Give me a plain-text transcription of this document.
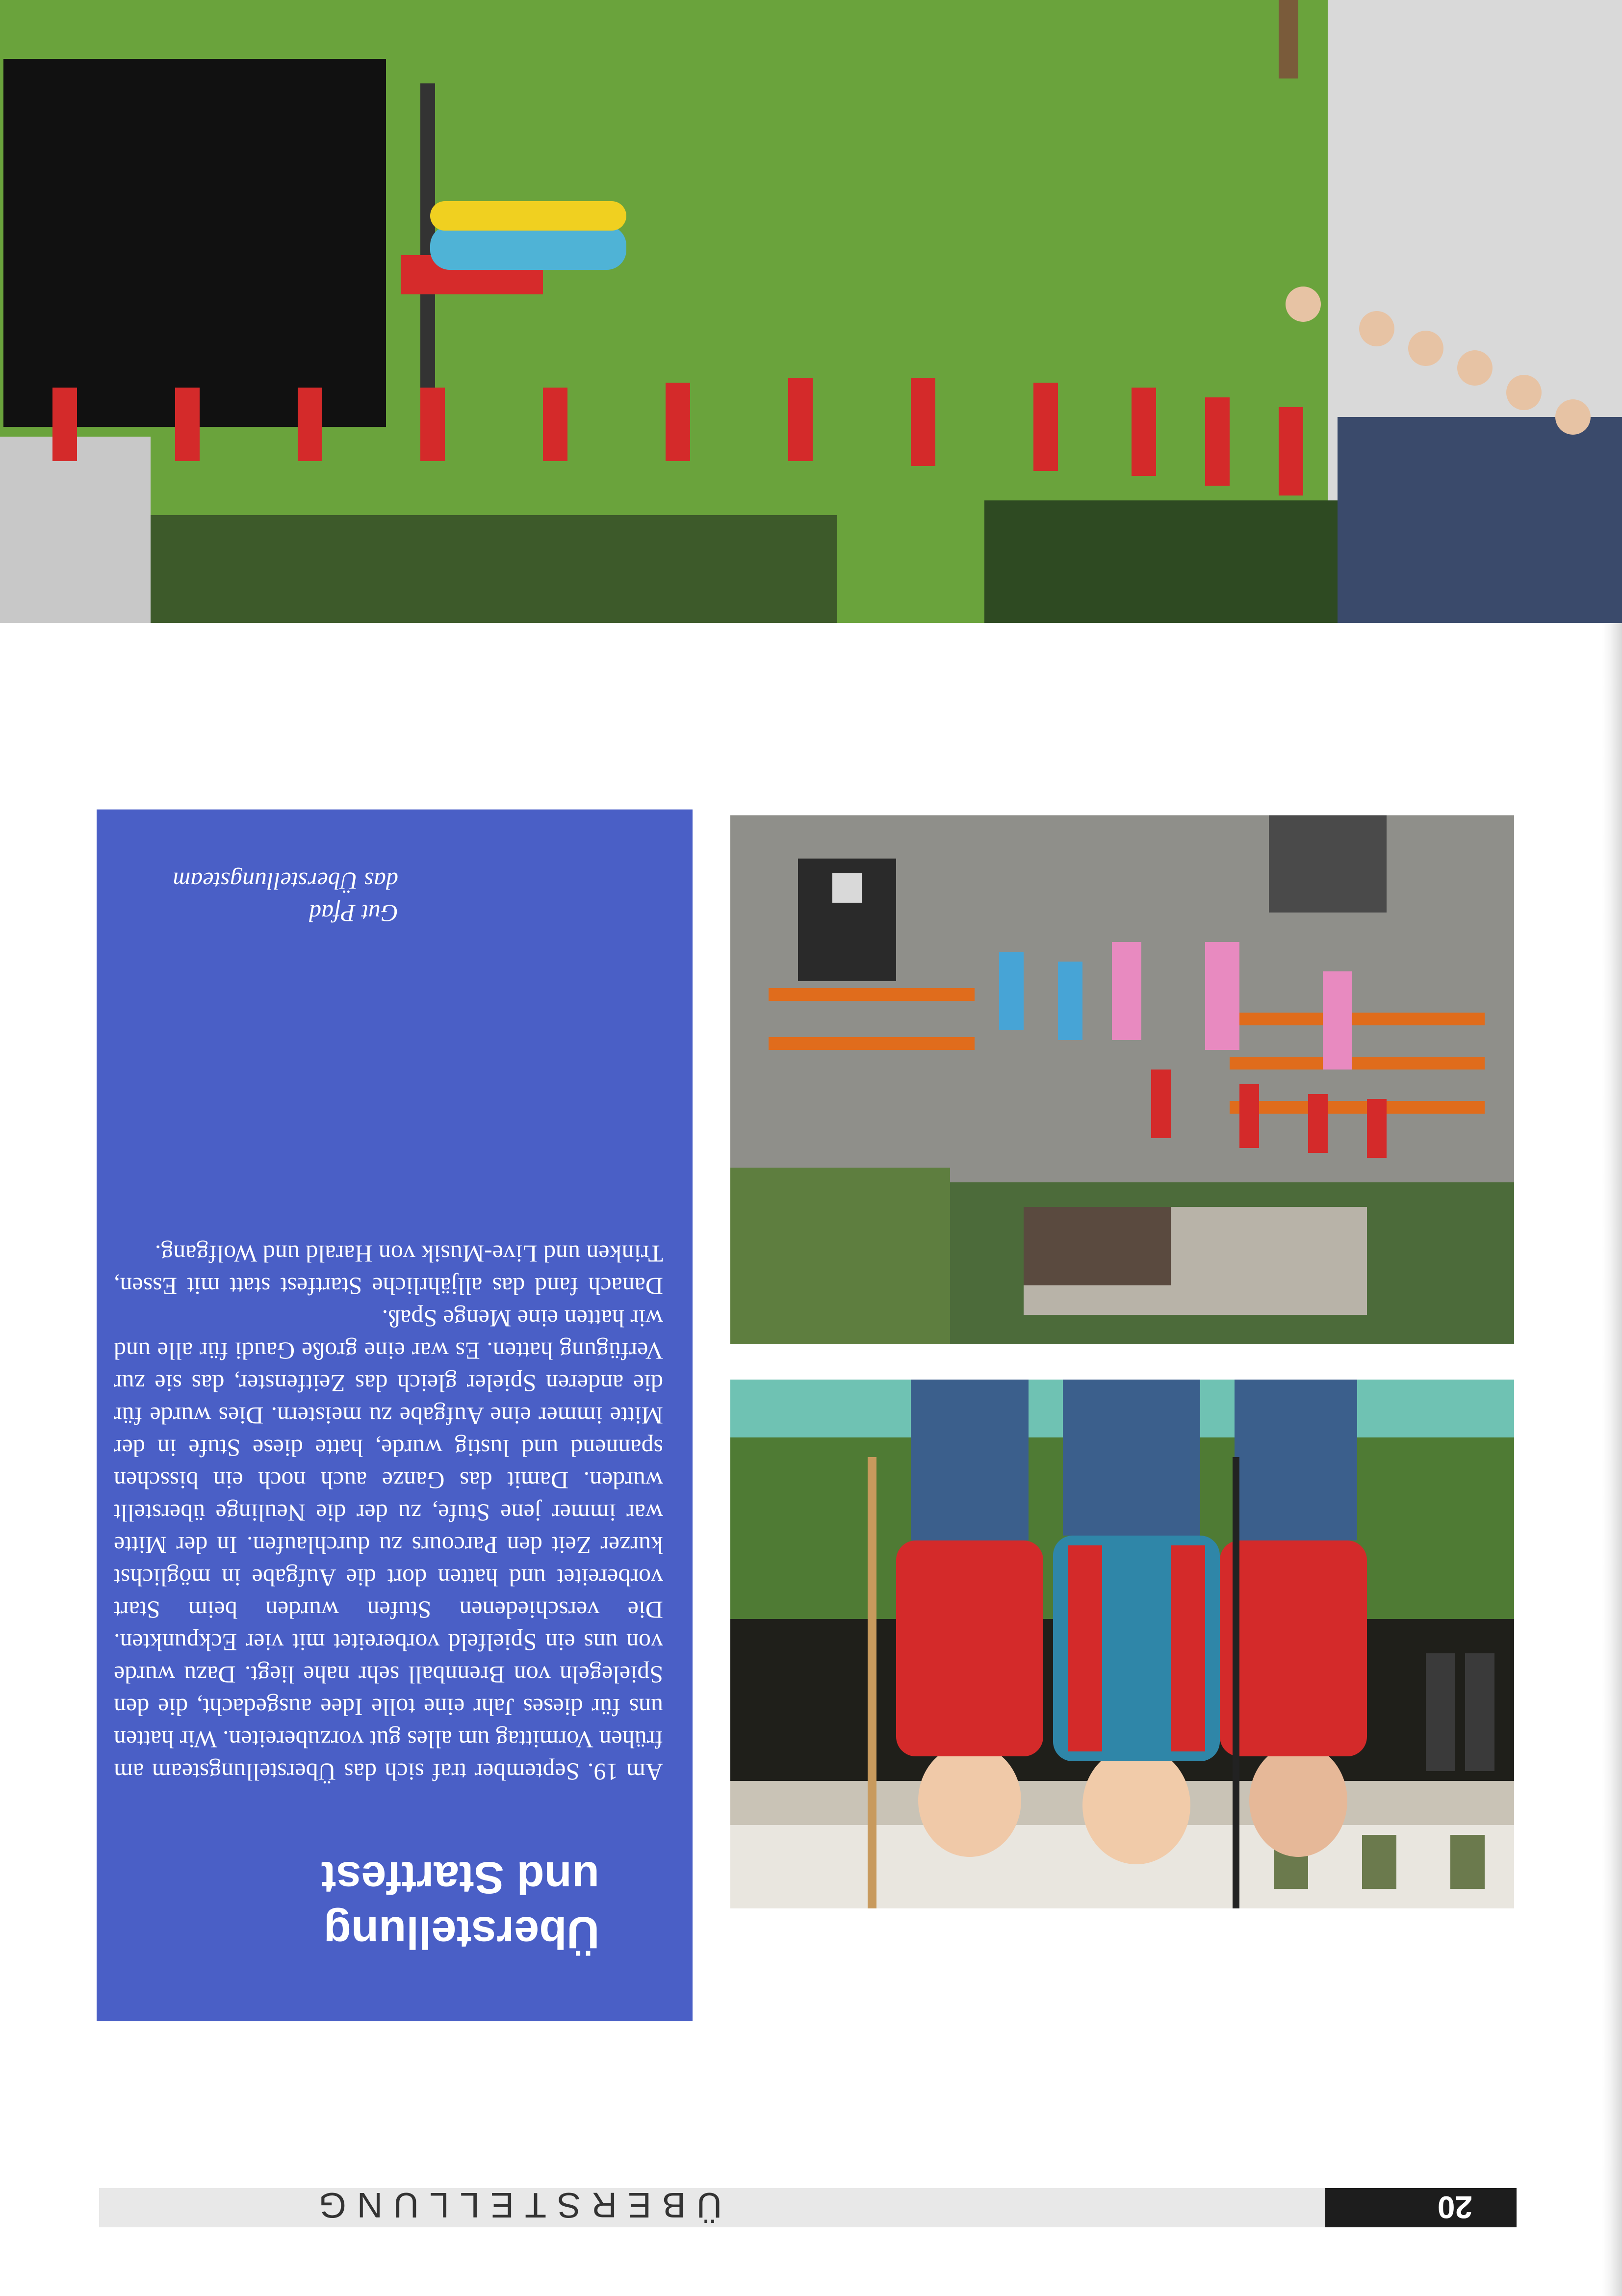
20
ÜBERSTELLUNG
Überstellung
und Startfest

Am 19. September traf sich das Überstellungsteam am frühen Vormittag um alles gut vorzubereiten. Wir hatten uns für dieses Jahr eine tolle Idee ausgedacht, die den Spielegeln von Brennball sehr nahe liegt. Dazu wurde von uns ein Spielfeld vorbereitet mit vier Eckpunkten. Die verschiedenen Stufen wurden beim Start vorbereitet und hatten dort die Aufgabe in möglichst kurzer Zeit den Parcours zu durchlaufen. In der Mitte war immer jene Stufe, zu der die Neulinge überstellt wurden. Damit das Ganze auch noch ein bisschen spannend und lustig wurde, hatte diese Stufe in der Mitte immer eine Aufgabe zu meistern. Dies wurde für die anderen Spieler gleich das Zeitfenster, das sie zur Verfügung hatten. Es war eine große Gaudi für alle und wir hatten eine Menge Spaß.

Danach fand das alljährliche Startfest statt mit Essen, Trinken und Live-Musik von Harald und Wolfgang.

Gut Pfad
das Überstellungsteam
